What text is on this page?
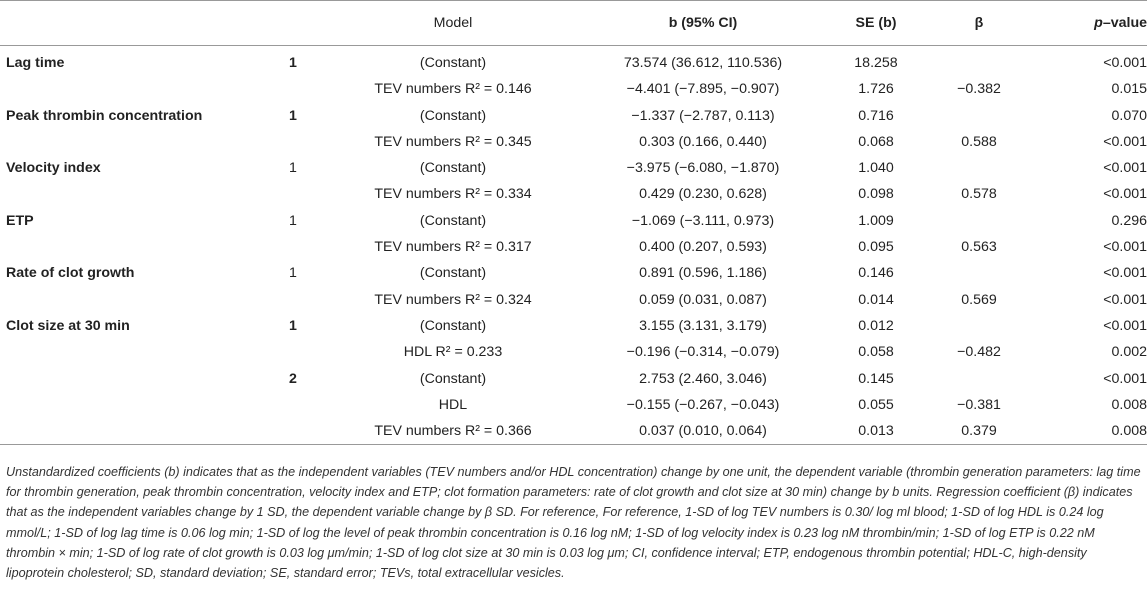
		Model	b (95% CI)	SE (b)	β	p–value
Lag time	1	(Constant)	73.574 (36.612, 110.536)	18.258		<0.001
		TEV numbers R² = 0.146	−4.401 (−7.895, −0.907)	1.726	−0.382	0.015
Peak thrombin concentration	1	(Constant)	−1.337 (−2.787, 0.113)	0.716		0.070
		TEV numbers R² = 0.345	0.303 (0.166, 0.440)	0.068	0.588	<0.001
Velocity index	1	(Constant)	−3.975 (−6.080, −1.870)	1.040		<0.001
		TEV numbers R² = 0.334	0.429 (0.230, 0.628)	0.098	0.578	<0.001
ETP	1	(Constant)	−1.069 (−3.111, 0.973)	1.009		0.296
		TEV numbers R² = 0.317	0.400 (0.207, 0.593)	0.095	0.563	<0.001
Rate of clot growth	1	(Constant)	0.891 (0.596, 1.186)	0.146		<0.001
		TEV numbers R² = 0.324	0.059 (0.031, 0.087)	0.014	0.569	<0.001
Clot size at 30 min	1	(Constant)	3.155 (3.131, 3.179)	0.012		<0.001
		HDL R² = 0.233	−0.196 (−0.314, −0.079)	0.058	−0.482	0.002
	2	(Constant)	2.753 (2.460, 3.046)	0.145		<0.001
		HDL	−0.155 (−0.267, −0.043)	0.055	−0.381	0.008
		TEV numbers R² = 0.366	0.037 (0.010, 0.064)	0.013	0.379	0.008
Unstandardized coefficients (b) indicates that as the independent variables (TEV numbers and/or HDL concentration) change by one unit, the dependent variable (thrombin generation parameters: lag time for thrombin generation, peak thrombin concentration, velocity index and ETP; clot formation parameters: rate of clot growth and clot size at 30 min) change by b units. Regression coefficient (β) indicates that as the independent variables change by 1 SD, the dependent variable change by β SD. For reference, For reference, 1-SD of log TEV numbers is 0.30/ log ml blood; 1-SD of log HDL is 0.24 log mmol/L; 1-SD of log lag time is 0.06 log min; 1-SD of log the level of peak thrombin concentration is 0.16 log nM; 1-SD of log velocity index is 0.23 log nM thrombin/min; 1-SD of log ETP is 0.22 nM thrombin × min; 1-SD of log rate of clot growth is 0.03 log μm/min; 1-SD of log clot size at 30 min is 0.03 log μm; CI, confidence interval; ETP, endogenous thrombin potential; HDL-C, high-density lipoprotein cholesterol; SD, standard deviation; SE, standard error; TEVs, total extracellular vesicles.
